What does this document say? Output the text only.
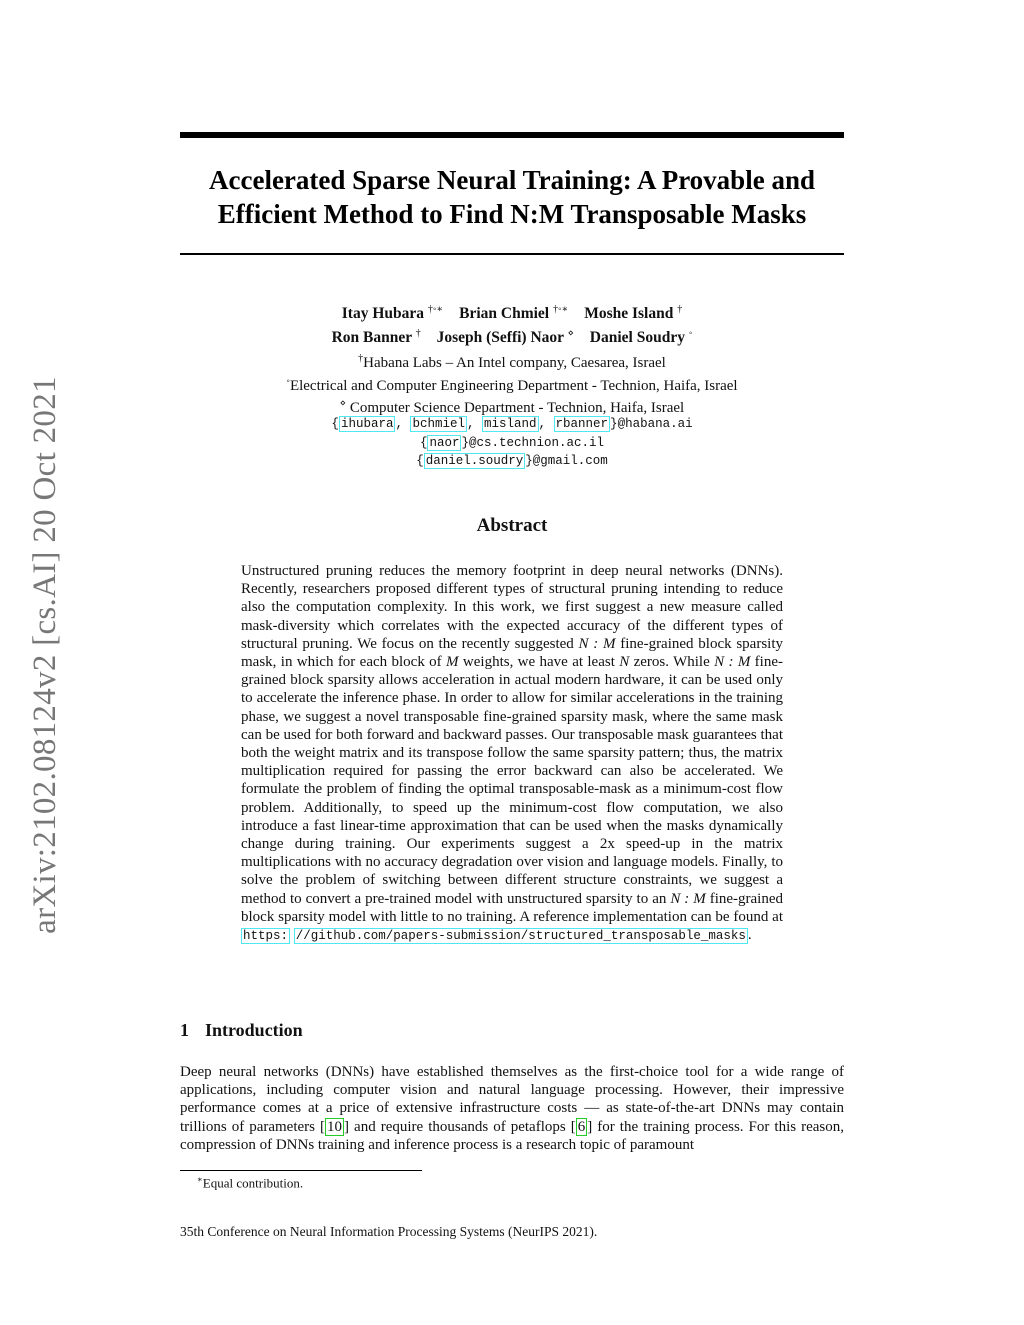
arXiv:2102.08124v2 [cs.AI] 20 Oct 2021
Accelerated Sparse Neural Training: A Provable and
Efficient Method to Find N:M Transposable Masks
Itay Hubara †◦∗ Brian Chmiel †◦∗ Moshe Island †
Ron Banner † Joseph (Seffi) Naor ⋄ Daniel Soudry ◦
†Habana Labs – An Intel company, Caesarea, Israel
◦Electrical and Computer Engineering Department - Technion, Haifa, Israel
⋄ Computer Science Department - Technion, Haifa, Israel
{ ihubara , bchmiel , misland , rbanner }@habana.ai
{ naor }@cs.technion.ac.il
{ daniel.soudry }@gmail.com
Abstract
Unstructured pruning reduces the memory footprint in deep neural networks (DNNs). Recently, researchers proposed different types of structural pruning intending to reduce also the computation complexity. In this work, we first suggest a new measure called mask-diversity which correlates with the expected accuracy of the different types of structural pruning. We focus on the recently suggested N : M fine-grained block sparsity mask, in which for each block of M weights, we have at least N zeros. While N : M fine-grained block sparsity allows acceleration in actual modern hardware, it can be used only to accelerate the inference phase. In order to allow for similar accelerations in the training phase, we suggest a novel transposable fine-grained sparsity mask, where the same mask can be used for both forward and backward passes. Our transposable mask guarantees that both the weight matrix and its transpose follow the same sparsity pattern; thus, the matrix multiplication required for passing the error backward can also be accelerated. We formulate the problem of finding the optimal transposable-mask as a minimum-cost flow problem. Additionally, to speed up the minimum-cost flow computation, we also introduce a fast linear-time approximation that can be used when the masks dynamically change during training. Our experiments suggest a 2x speed-up in the matrix multiplications with no accuracy degradation over vision and language models. Finally, to solve the problem of switching between different structure constraints, we suggest a method to convert a pre-trained model with unstructured sparsity to an N : M fine-grained block sparsity model with little to no training. A reference implementation can be found at https: //github.com/papers-submission/structured_transposable_masks .
1 Introduction
Deep neural networks (DNNs) have established themselves as the first-choice tool for a wide range of applications, including computer vision and natural language processing. However, their impressive performance comes at a price of extensive infrastructure costs — as state-of-the-art DNNs may contain trillions of parameters [ 10 ] and require thousands of petaflops [ 6 ] for the training process. For this reason, compression of DNNs training and inference process is a research topic of paramount
∗Equal contribution.
35th Conference on Neural Information Processing Systems (NeurIPS 2021).
